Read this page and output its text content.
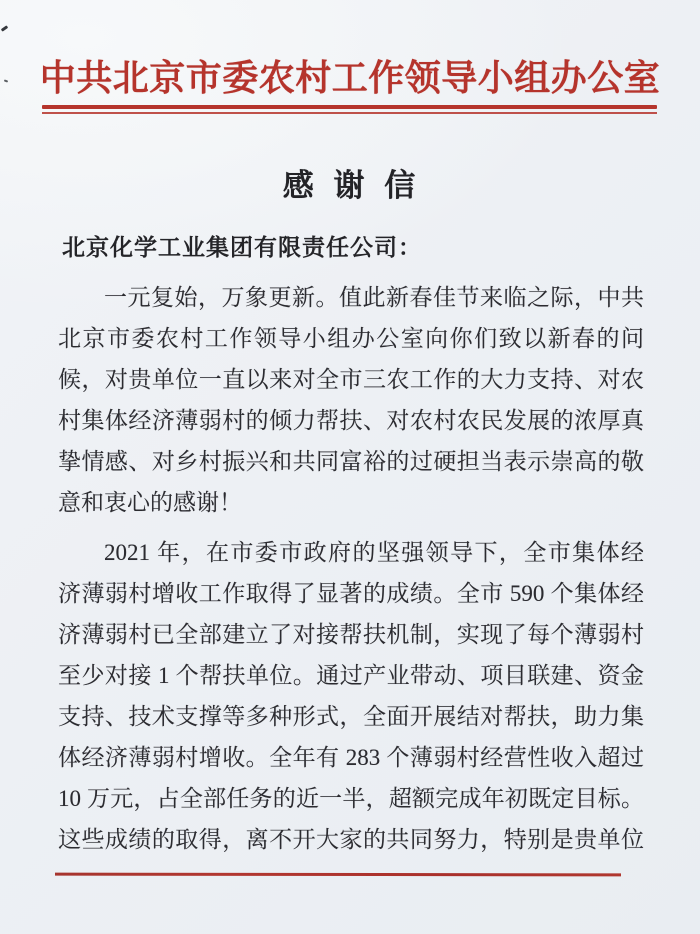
中共北京市委农村工作领导小组办公室
感 谢 信
北京化学工业集团有限责任公司：
一元复始，万象更新。值此新春佳节来临之际，中共
北京市委农村工作领导小组办公室向你们致以新春的问
候，对贵单位一直以来对全市三农工作的大力支持、对农
村集体经济薄弱村的倾力帮扶、对农村农民发展的浓厚真
挚情感、对乡村振兴和共同富裕的过硬担当表示崇高的敬
意和衷心的感谢！
2021 年，在市委市政府的坚强领导下，全市集体经
济薄弱村增收工作取得了显著的成绩。全市 590 个集体经
济薄弱村已全部建立了对接帮扶机制，实现了每个薄弱村
至少对接 1 个帮扶单位。通过产业带动、项目联建、资金
支持、技术支撑等多种形式，全面开展结对帮扶，助力集
体经济薄弱村增收。全年有 283 个薄弱村经营性收入超过
10 万元，占全部任务的近一半，超额完成年初既定目标。
这些成绩的取得，离不开大家的共同努力，特别是贵单位
